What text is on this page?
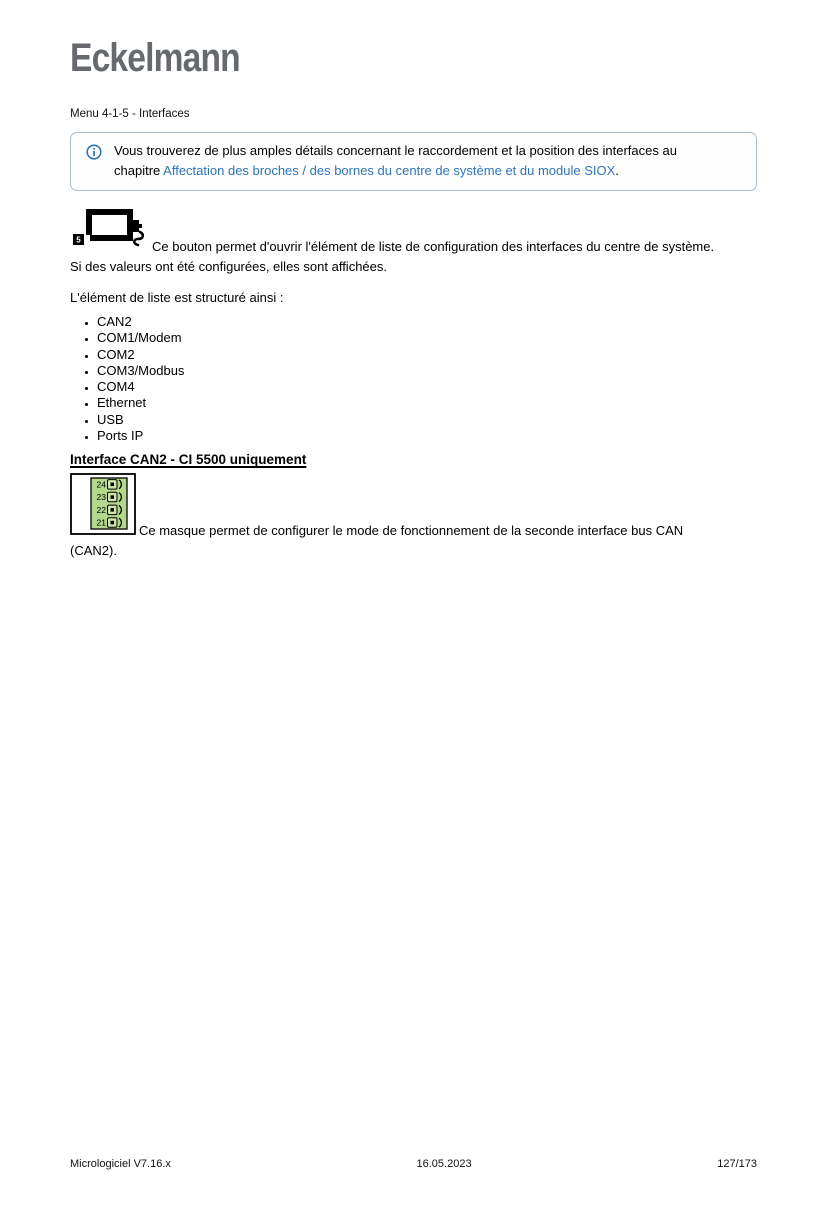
Eckelmann
Menu 4-1-5 - Interfaces
Vous trouverez de plus amples détails concernant le raccordement et la position des interfaces au
chapitre Affectation des broches / des bornes du centre de système et du module SIOX.
5	Ce bouton permet d'ouvrir l'élément de liste de configuration des interfaces du centre de système.
Si des valeurs ont été configurées, elles sont affichées.
L'élément de liste est structuré ainsi :
• CAN2
• COM1/Modem
• COM2
• COM3/Modbus
• COM4
• Ethernet
• USB
• Ports IP
Interface CAN2 - CI 5500 uniquement
24
23
22
21
Ce masque permet de configurer le mode de fonctionnement de la seconde interface bus CAN
(CAN2).
Micrologiciel V7.16.x	16.05.2023	127/173
